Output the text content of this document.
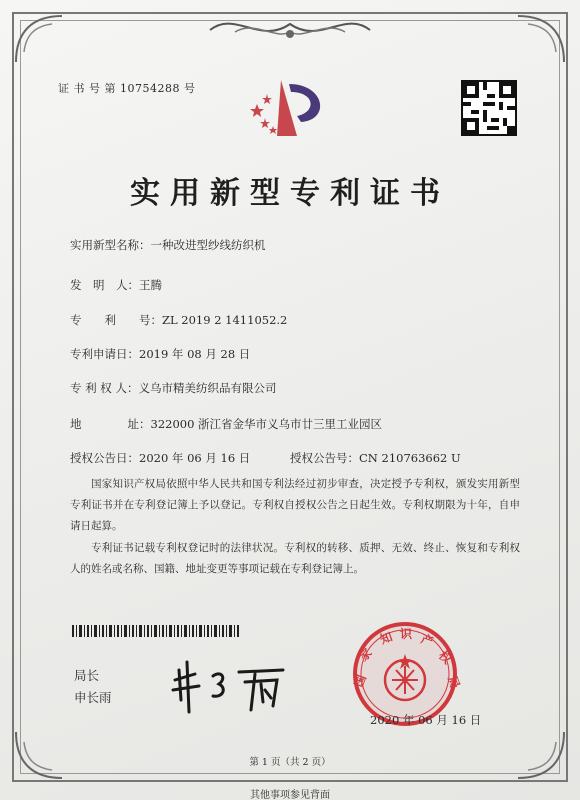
证 书 号 第 10754288 号
实用新型专利证书
实用新型名称：一种改进型纱线纺织机
发　明　人：王腾
专　　利　　号：ZL 2019 2 1411052.2
专利申请日：2019 年 08 月 28 日
专 利 权 人：义乌市精美纺织品有限公司
地　　　　址：322000 浙江省金华市义乌市廿三里工业园区
授权公告日：2020 年 06 月 16 日	授权公告号：CN 210763662 U
国家知识产权局依照中华人民共和国专利法经过初步审查，决定授予专利权，颁发实用新型专利证书并在专利登记簿上予以登记。专利权自授权公告之日起生效。专利权期限为十年，自申请日起算。
专利证书记载专利权登记时的法律状况。专利权的转移、质押、无效、终止、恢复和专利权人的姓名或名称、国籍、地址变更等事项记载在专利登记簿上。
局长
申长雨
国
家
知 识 产
权
局
2020 年 06 月 16 日
第 1 页（共 2 页）
其他事项参见背面
